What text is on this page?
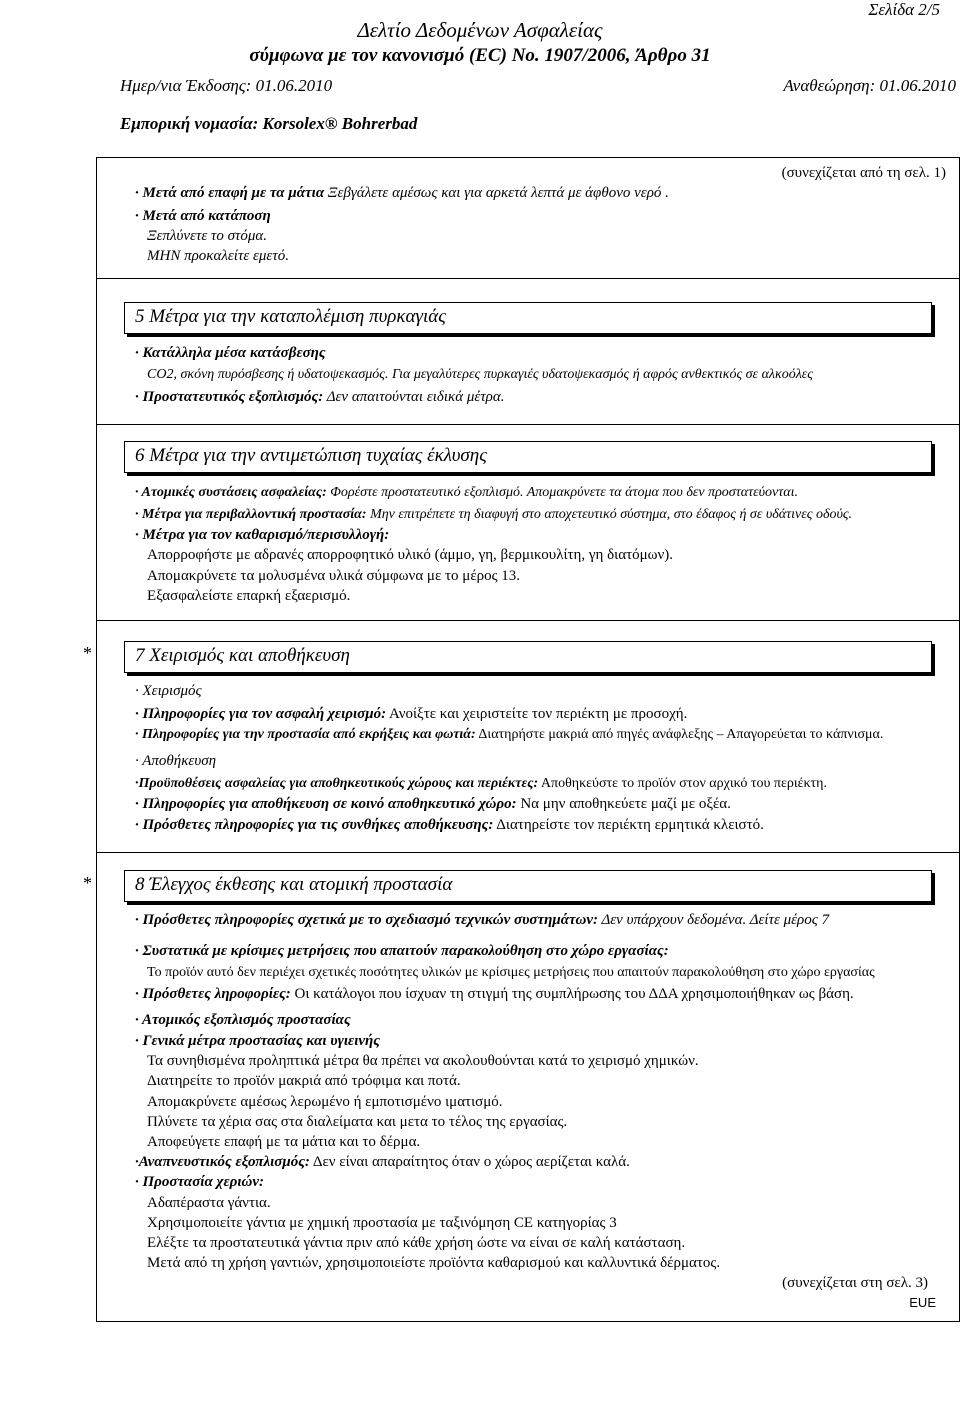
Σελίδα 2/5
Δελτίο Δεδομένων Ασφαλείας
σύμφωνα με τον κανονισμό (ΕC) No. 1907/2006, Άρθρο 31
Ημερ/νια Έκδοσης: 01.06.2010	Αναθεώρηση: 01.06.2010
Εμπορική νομασία: Korsolex® Bohrerbad
(συνεχίζεται από τη σελ. 1)
· Μετά από επαφή με τα μάτια Ξεβγάλετε αμέσως και για αρκετά λεπτά με άφθονο νερό .
· Μετά από κατάποση
Ξεπλύνετε το στόμα.
ΜΗΝ προκαλείτε εμετό.
5 Μέτρα για την καταπολέμιση πυρκαγιάς
· Κατάλληλα μέσα κατάσβεσης
CO2, σκόνη πυρόσβεσης ή υδατοψεκασμός. Για μεγαλύτερες πυρκαγιές υδατοψεκασμός ή αφρός ανθεκτικός σε αλκοόλες
· Προστατευτικός εξοπλισμός: Δεν απαιτούνται ειδικά μέτρα.
6 Μέτρα για την αντιμετώπιση τυχαίας έκλυσης
· Ατομικές συστάσεις ασφαλείας: Φορέστε προστατευτικό εξοπλισμό. Απομακρύνετε τα άτομα που δεν προστατεύονται.
· Μέτρα για περιβαλλοντική προστασία: Μην επιτρέπετε τη διαφυγή στο αποχετευτικό σύστημα, στο έδαφος ή σε υδάτινες οδούς.
· Μέτρα για τον καθαρισμό/περισυλλογή:
Απορροφήστε με αδρανές απορροφητικό υλικό (άμμο, γη, βερμικουλίτη, γη διατόμων).
Απομακρύνετε τα μολυσμένα υλικά σύμφωνα με το μέρος 13.
Εξασφαλείστε επαρκή εξαερισμό.
* 7 Χειρισμός και αποθήκευση
· Χειρισμός
· Πληροφορίες για τον ασφαλή χειρισμό: Ανοίξτε και χειριστείτε τον περιέκτη με προσοχή.
· Πληροφορίες για την προστασία από εκρήξεις και φωτιά: Διατηρήστε μακριά από πηγές ανάφλεξης – Απαγορεύεται το κάπνισμα.
· Αποθήκευση
·Προϋποθέσεις ασφαλείας για αποθηκευτικούς χώρους και περιέκτες: Αποθηκεύστε το προϊόν στον αρχικό του περιέκτη.
· Πληροφορίες για αποθήκευση σε κοινό αποθηκευτικό χώρο: Να μην αποθηκεύετε μαζί με οξέα.
· Πρόσθετες πληροφορίες για τις συνθήκες αποθήκευσης: Διατηρείστε τον περιέκτη ερμητικά κλειστό.
* 8 Έλεγχος έκθεσης και ατομική προστασία
· Πρόσθετες πληροφορίες σχετικά με το σχεδιασμό τεχνικών συστημάτων: Δεν υπάρχουν δεδομένα. Δείτε μέρος 7
· Συστατικά με κρίσιμες μετρήσεις που απαιτούν παρακολούθηση στο χώρο εργασίας:
Το προϊόν αυτό δεν περιέχει σχετικές ποσότητες υλικών με κρίσιμες μετρήσεις που απαιτούν παρακολούθηση στο χώρο εργασίας
· Πρόσθετες ληροφορίες: Οι κατάλογοι που ίσχυαν τη στιγμή της συμπλήρωσης του ΔΔΑ χρησιμοποιήθηκαν ως βάση.
· Ατομικός εξοπλισμός προστασίας
· Γενικά μέτρα προστασίας και υγιεινής
Τα συνηθισμένα προληπτικά μέτρα θα πρέπει να ακολουθούνται κατά το χειρισμό χημικών.
Διατηρείτε το προϊόν μακριά από τρόφιμα και ποτά.
Απομακρύνετε αμέσως λερωμένο ή εμποτισμένο ιματισμό.
Πλύνετε τα χέρια σας στα διαλείματα και μετα το τέλος της εργασίας.
Αποφεύγετε επαφή με τα μάτια και το δέρμα.
·Αναπνευστικός εξοπλισμός: Δεν είναι απαραίτητος όταν ο χώρος αερίζεται καλά.
· Προστασία χεριών:
Αδαπέραστα γάντια.
Χρησιμοποιείτε γάντια με χημική προστασία με ταξινόμηση CE κατηγορίας 3
Ελέξτε τα προστατευτικά γάντια πριν από κάθε χρήση ώστε να είναι σε καλή κατάσταση.
Μετά από τη χρήση γαντιών, χρησιμοποιείστε προϊόντα καθαρισμού και καλλυντικά δέρματος.
(συνεχίζεται στη σελ. 3)
EUE
